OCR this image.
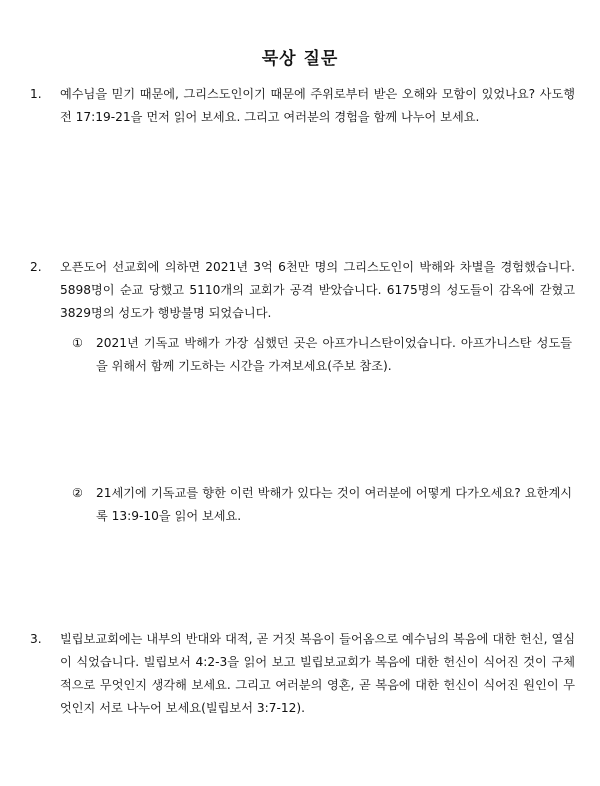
묵상 질문
1. 예수님을 믿기 때문에, 그리스도인이기 때문에 주위로부터 받은 오해와 모함이 있었나요? 사도행전 17:19-21을 먼저 읽어 보세요. 그리고 여러분의 경험을 함께 나누어 보세요.
2. 오픈도어 선교회에 의하면 2021년 3억 6천만 명의 그리스도인이 박해와 차별을 경험했습니다. 5898명이 순교 당했고 5110개의 교회가 공격 받았습니다. 6175명의 성도들이 감옥에 갇혔고 3829명의 성도가 행방불명 되었습니다.
① 2021년 기독교 박해가 가장 심했던 곳은 아프가니스탄이었습니다. 아프가니스탄 성도들을 위해서 함께 기도하는 시간을 가져보세요(주보 참조).
② 21세기에 기독교를 향한 이런 박해가 있다는 것이 여러분에 어떻게 다가오세요? 요한계시록 13:9-10을 읽어 보세요.
3. 빌립보교회에는 내부의 반대와 대적, 곧 거짓 복음이 들어옴으로 예수님의 복음에 대한 헌신, 열심이 식었습니다. 빌립보서 4:2-3을 읽어 보고 빌립보교회가 복음에 대한 헌신이 식어진 것이 구체적으로 무엇인지 생각해 보세요. 그리고 여러분의 영혼, 곧 복음에 대한 헌신이 식어진 원인이 무엇인지 서로 나누어 보세요(빌립보서 3:7-12).
